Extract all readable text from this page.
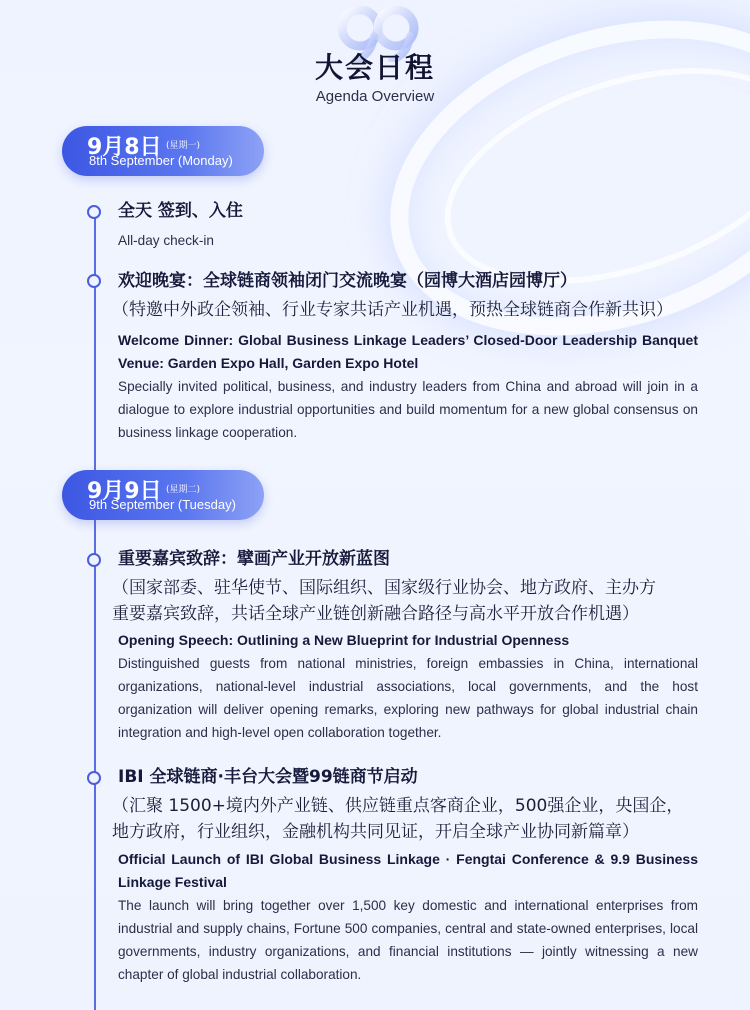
大会日程
Agenda Overview
9月8日 (星期一)
8th September (Monday)
全天 签到、入住
All-day check-in
欢迎晚宴：全球链商领袖闭门交流晚宴（园博大酒店园博厅）
（特邀中外政企领袖、行业专家共话产业机遇，预热全球链商合作新共识）
Welcome Dinner: Global Business Linkage Leaders’ Closed-Door Leadership Banquet Venue: Garden Expo Hall, Garden Expo Hotel
Specially invited political, business, and industry leaders from China and abroad will join in a dialogue to explore industrial opportunities and build momentum for a new global consensus on business linkage cooperation.
9月9日 (星期二)
9th September (Tuesday)
重要嘉宾致辞：擘画产业开放新蓝图
（国家部委、驻华使节、国际组织、国家级行业协会、地方政府、主办方
重要嘉宾致辞，共话全球产业链创新融合路径与高水平开放合作机遇）
Opening Speech: Outlining a New Blueprint for Industrial Openness
Distinguished guests from national ministries, foreign embassies in China, international organizations, national-level industrial associations, local governments, and the host organization will deliver opening remarks, exploring new pathways for global industrial chain integration and high-level open collaboration together.
IBI 全球链商·丰台大会暨99链商节启动
（汇聚 1500+境内外产业链、供应链重点客商企业，500强企业，央国企，
地方政府，行业组织，金融机构共同见证，开启全球产业协同新篇章）
Official Launch of IBI Global Business Linkage · Fengtai Conference & 9.9 Business Linkage Festival
The launch will bring together over 1,500 key domestic and international enterprises from industrial and supply chains, Fortune 500 companies, central and state-owned enterprises, local governments, industry organizations, and financial institutions — jointly witnessing a new chapter of global industrial collaboration.
